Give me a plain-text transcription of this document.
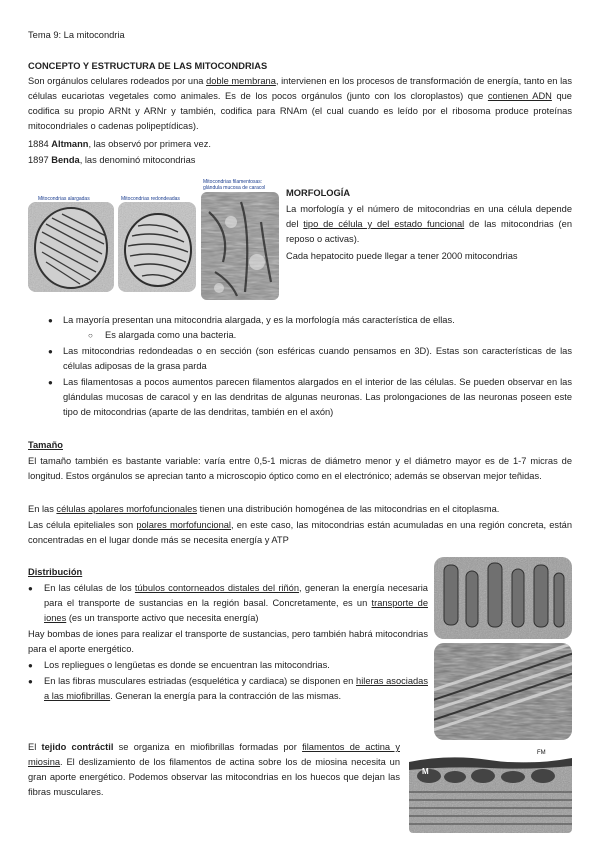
Tema 9: La mitocondria
CONCEPTO Y ESTRUCTURA DE LAS MITOCONDRIAS

Son orgánulos celulares rodeados por una doble membrana, intervienen en los procesos de transformación de energía, tanto en las células eucariotas vegetales como animales. Es de los pocos orgánulos (junto con los cloroplastos) que contienen ADN que codifica su propio ARNt y ARNr y también, codifica para RNAm (el cual cuando es leído por el ribosoma produce proteínas mitocondriales o cadenas polipeptídicas).

1884 Altmann, las observó por primera vez.
1897 Benda, las denominó mitocondrias
Mitocondrias alargadas	Mitocondrias redondeadas
Mitocondrias filamentosas: glándula mucosa de caracol	MORFOLOGÍA

La morfología y el número de mitocondrias en una célula depende del tipo de célula y del estado funcional de las mitocondrias (en reposo o activas).

Cada hepatocito puede llegar a tener 2000 mitocondrias

● La mayoría presentan una mitocondria alargada, y es la morfología más característica de ellas.
○ Es alargada como una bacteria.
● Las mitocondrias redondeadas o en sección (son esféricas cuando pensamos en 3D). Estas son características de las células adiposas de la grasa parda
● Las filamentosas a pocos aumentos parecen filamentos alargados en el interior de las células. Se pueden observar en las glándulas mucosas de caracol y en las dendritas de algunas neuronas. Las prolongaciones de las neuronas poseen este tipo de mitocondrias (aparte de las dendritas, también en el axón)
Tamaño

El tamaño también es bastante variable: varía entre 0,5-1 micras de diámetro menor y el diámetro mayor es de 1-7 micras de longitud. Estos orgánulos se aprecian tanto a microscopio óptico como en el electrónico; además se observan mejor teñidas.

En las células apolares morfofuncionales tienen una distribución homogénea de las mitocondrias en el citoplasma.

Las célula epiteliales son polares morfofuncional, en este caso, las mitocondrias están acumuladas en una región concreta, están concentradas en el lugar donde más se necesita energía y ATP

Distribución
● En las células de los túbulos contorneados distales del riñón, generan la energía necesaria para el transporte de sustancias en la región basal. Concretamente, es un transporte de iones (es un transporte activo que necesita energía)

Hay bombas de iones para realizar el transporte de sustancias, pero también habrá mitocondrias para el aporte energético.

● Los repliegues o lengüetas es donde se encuentran las mitocondrias.
● En las fibras musculares estriadas (esquelética y cardiaca) se disponen en hileras asociadas a las miofibrillas. Generan la energía para la contracción de las mismas.

El tejido contráctil se organiza en miofibrillas formadas por filamentos de actina y miosina. El deslizamiento de los filamentos de actina sobre los de miosina necesita un gran aporte energético. Podemos observar las mitocondrias en los huecos que dejan las fibras musculares.

M
FM
